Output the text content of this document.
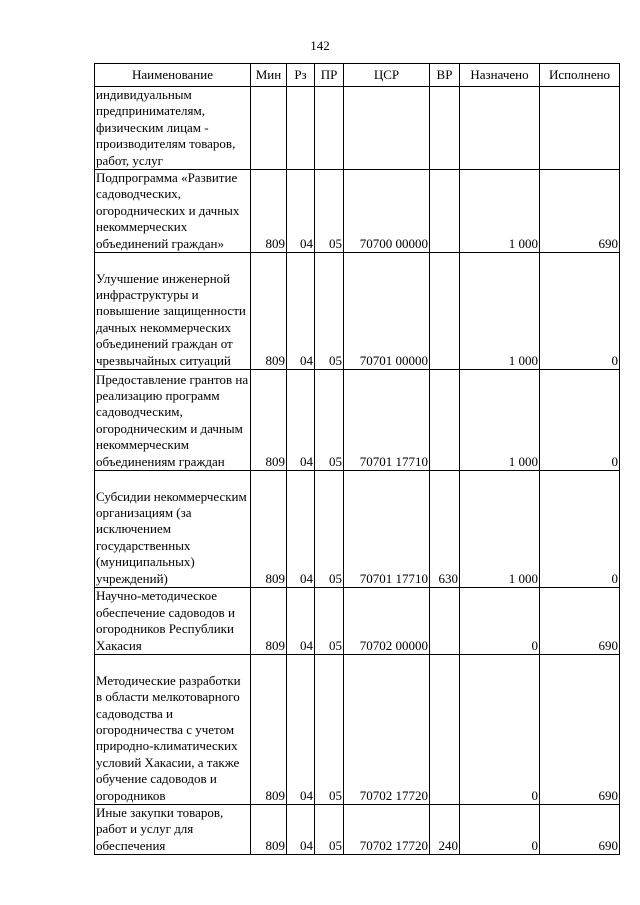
142
Наименование	Мин	Рз	ПР	ЦСР	ВР	Назначено	Исполнено
индивидуальным предпринимателям, физическим лицам - производителям товаров, работ, услуг							
Подпрограмма «Развитие садоводческих, огороднических и дачных некоммерческих объединений граждан»	809	04	05	70700 00000		1 000	690
Улучшение инженерной инфраструктуры и повышение защищенности дачных некоммерческих объединений граждан от чрезвычайных ситуаций	809	04	05	70701 00000		1 000	0
Предоставление грантов на реализацию программ садоводческим, огородническим и дачным некоммерческим объединениям граждан	809	04	05	70701 17710		1 000	0
Субсидии некоммерческим организациям (за исключением государственных (муниципальных) учреждений)	809	04	05	70701 17710	630	1 000	0
Научно-методическое обеспечение садоводов и огородников Республики Хакасия	809	04	05	70702 00000		0	690
Методические разработки в области мелкотоварного садоводства и огородничества с учетом природно-климатических условий Хакасии, а также обучение садоводов и огородников	809	04	05	70702 17720		0	690
Иные закупки товаров, работ и услуг для обеспечения	809	04	05	70702 17720	240	0	690
